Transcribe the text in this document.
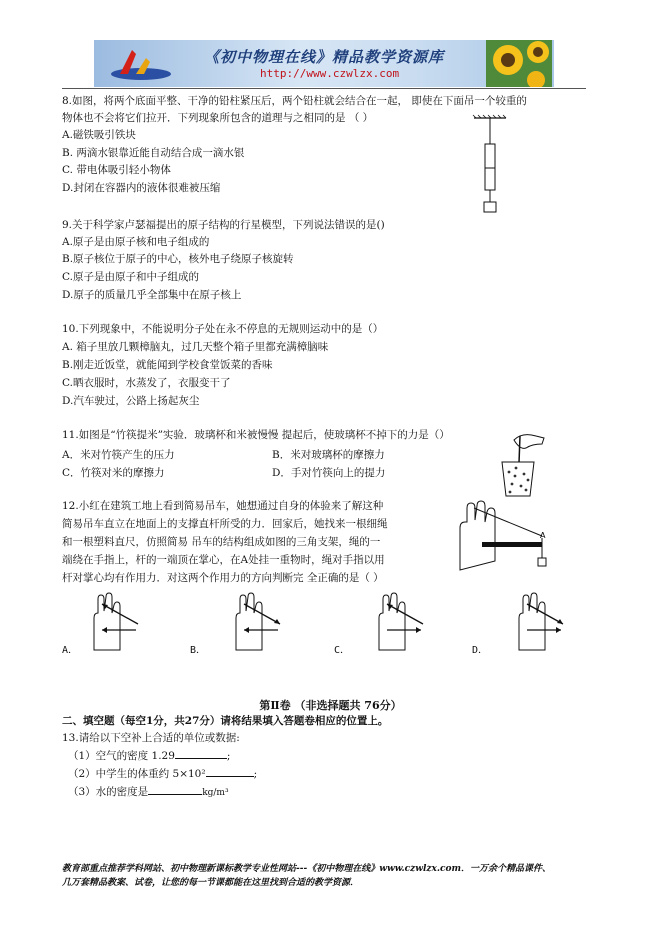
《初中物理在线》精品教学资源库
http://www.czwlzx.com
8.如图，将两个底面平整、干净的铅柱紧压后，两个铅柱就会结合在一起， 即使在下面吊一个较重的
物体也不会将它们拉开．下列现象所包含的道理与之相同的是 （ ）
A.磁铁吸引铁块
B. 两滴水银靠近能自动结合成一滴水银
C. 带电体吸引轻小物体
D.封闭在容器内的液体很难被压缩
9.关于科学家卢瑟福提出的原子结构的行星模型，下列说法错误的是()
A.原子是由原子核和电子组成的
B.原子核位于原子的中心，核外电子绕原子核旋转
C.原子是由原子和中子组成的
D.原子的质量几乎全部集中在原子核上
10.下列现象中，不能说明分子处在永不停息的无规则运动中的是（）
A. 箱子里放几颗樟脑丸，过几天整个箱子里都充满樟脑味
B.刚走近饭堂，就能闻到学校食堂饭菜的香味
C.晒衣服时，水蒸发了，衣服变干了
D.汽车驶过，公路上扬起灰尘
11.如图是“竹筷提米”实验．玻璃杯和米被慢慢 提起后，使玻璃杯不掉下的力是（）
A．米对竹筷产生的压力	B．米对玻璃杯的摩擦力
C．竹筷对米的摩擦力	D．手对竹筷向上的提力
12.小红在建筑工地上看到简易吊车，她想通过自身的体验来了解这种
简易吊车直立在地面上的支撑直杆所受的力．回家后，她找来一根细绳
和一根塑料直尺，仿照简易 吊车的结构组成如图的三角支架，绳的一
端绕在手指上，杆的一端顶在掌心，在A处挂一重物时，绳对手指以用
杆对掌心均有作用力．对这两个作用力的方向判断完 全正确的是（ ）
A
A．	B．	C．	D．
第Ⅱ卷 （非选择题共 76分）
二、填空题（每空1分，共27分）请将结果填入答题卷相应的位置上。
13.请给以下空补上合适的单位或数据:
（1）空气的密度 1.29	;
（2）中学生的体重约 5×10²	;
（3）水的密度是	kg/m³
教育部重点推荐学科网站、初中物理新课标教学专业性网站---《初中物理在线》www.czwlzx.com．一万余个精品课件、
几万套精品教案、试卷，让您的每一节课都能在这里找到合适的教学资源．
